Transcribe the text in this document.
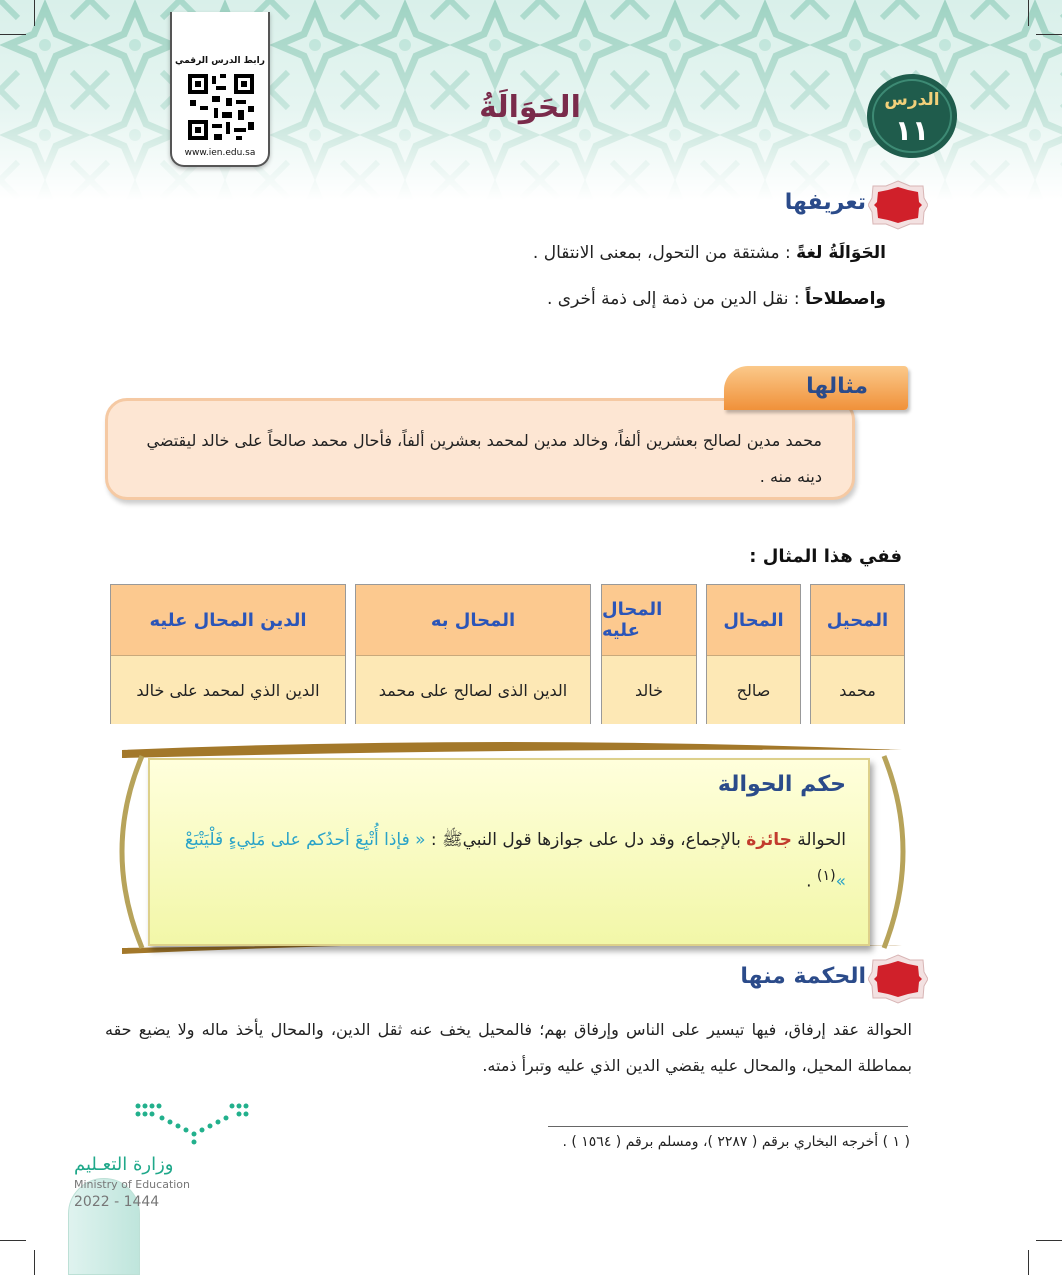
رابط الدرس الرقمي
www.ien.edu.sa
الحَوَالَةُ	الدرس
١١
تعريفها
الحَوَالَةُ لغةً : مشتقة من التحول، بمعنى الانتقال .
واصطلاحاً : نقل الدين من ذمة إلى ذمة أخرى .

محمد مدين لصالح بعشرين ألفاً، وخالد مدين لمحمد بعشرين ألفاً، فأحال محمد صالحاً على خالد ليقتضي دينه منه .

مثالها
ففي هذا المثال :
المحيل
محمد
المحال
صالح
المحال عليه
خالد
المحال به
الدين الذى لصالح على محمد
الدين المحال عليه
الدين الذي لمحمد على خالد
حكم الحوالة
الحوالة جائزة بالإجماع، وقد دل على جوازها قول النبيﷺ : « فإذا أُتْبِعَ أحدُكم على مَلِيءٍ فَلْيَتْبَعْ »$^{(١)}$ .
الحكمة منها
الحوالة عقد إرفاق، فيها تيسير على الناس وإرفاق بهم؛ فالمحيل يخف عنه ثقل الدين، والمحال يأخذ ماله ولا يضيع حقه بمماطلة المحيل، والمحال عليه يقضي الدين الذي عليه وتبرأ ذمته.
( ١ ) أخرجه البخاري برقم ( ٢٢٨٧ )، ومسلم برقم ( ١٥٦٤ ) .
وزارة التعـليم
Ministry of Education
2022 - 1444
